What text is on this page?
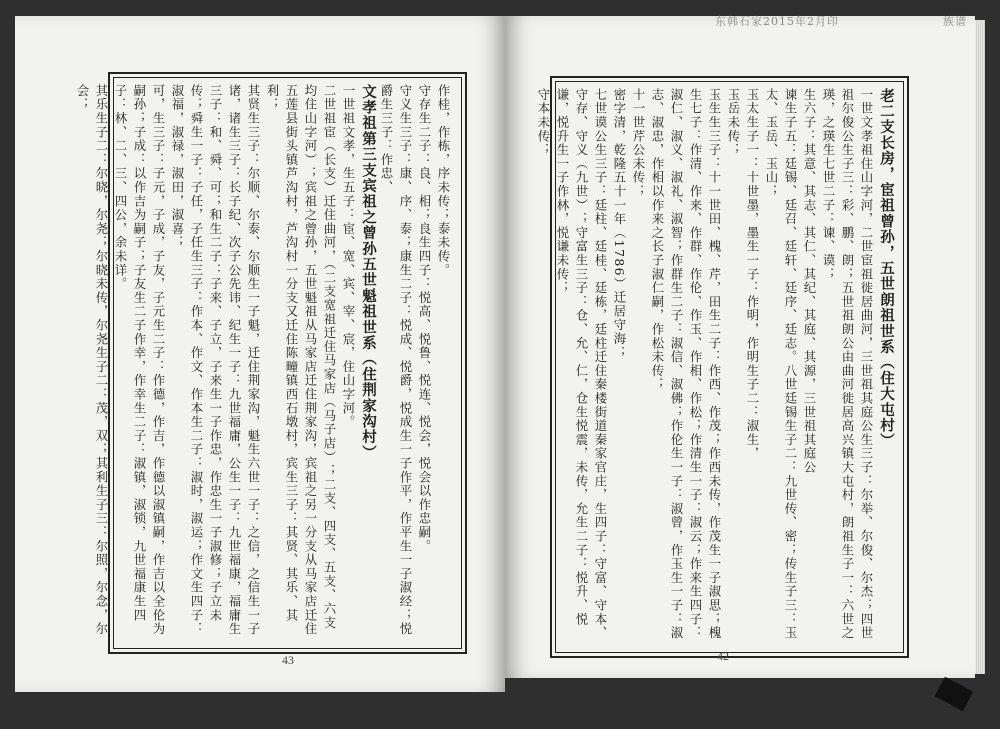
作桂，作栋，序未传；泰未传。

守存生二子：良、相；良生四子：悦高、悦鲁、悦连、悦会，悦会以作忠嗣。

守义生三子：康、序、泰；康生二子：悦成、悦爵，悦成生一子作平，作平生一子淑经；悦爵生三子：作忠、

文孝祖第三支宾祖之曾孙五世魁祖世系（住荆家沟村）

一世祖文孝，生五子：宦、宽、宾、宰、宸，住山字河。

二世祖宦（长支）迁住曲河，（二支宽祖迁住马家店（马子店）；二支、四支、五支、六支均住山字河）；宾祖之曾孙，五世魁祖从马家店迁住荆家沟，宾祖之另一分支从马家店迁住五莲县街头镇芦沟村，芦沟村一分支又迁住陈疃镇西石墩村，宾生三子：其贤、其乐、其利；

其贤生三子：尔顺、尔泰、尔顺生一子魁，迁住荆家沟，魁生六世一子：之信，之信生一子诸，诸生三子：长子纪、次子公先讳、纪生一子：九世福庸，公生一子：九世福康，福庸生三子：和、舜、可；和生二子：子来、子立，子来生一子作忠，作忠生一子淑修；子立未传；舜生一子：子任，子任生三子：作本、作文、作本生二子：淑时，淑运；作文生四子：淑福，淑禄，淑田，淑喜；

可，生三子：子元，子成，子友，子元生二子：作德，作吉，作德以淑镇嗣，作吉以全伦为嗣孙；子成：以作吉为嗣子；子友生二子作幸，作幸生二子：淑镇，淑锁，九世福康生四子：林、二、三、四公，余未详。

其乐生子二：尔晓，尔尧；尔晓未传，尔尧生子二：茂，双；其利生子三：尔照，尔念，尔会；

43
东韩石家2015年2月印	族谱

老二支长房，宦祖曾孙，五世朗祖世系（住大屯村）

一世文孝祖住山字河，二世宦祖徙居曲河，三世祖其庭公生三子：尔举、尔俊、尔杰；四世祖尔俊公生子三：彩、鹏、朗；五世祖朗公由曲河徙居高兴镇大屯村，朗祖生子一：六世之瑛，之瑛生七世二子：谏、谟；

生六子：其意、其志、其仁、其纪、其庭、其源，三世祖其庭公

谏生子五：廷锡、廷召、廷轩、廷序、廷志。八世廷锡生子二：九世传、密；传生子三：玉太、玉岳、玉山；

玉太生子一：十世墨，墨生一子：作明，作明生子二：淑生，

玉岳未传；

玉生生三子：十一世田、槐、芹，田生二子：作西、作茂；作西未传，作茂生一子淑思；槐生七子：作清、作来、作群、作伦、作玉、作相、作松；作清生一子：淑云；作来生四子：淑仁、淑义、淑礼、淑智；作群生二子：淑信、淑佛；作伦生一子：淑曾，作玉生一子：淑志、淑忠，作相以作来之长子淑仁嗣，作松未传；

十一世芹公未传；

密字清，乾隆五十一年（1786）迁居守海；

七世谟公生三子：廷柱、廷桂、廷栋，廷柱迁住秦楼街道秦家官庄，生四子：守富、守本、守存、守义（九世）；守富生三子：仓、允、仁，仓生悦震，未传，允生二子：悦升、悦谦，悦升生一子作林，悦谦未传；

守本未传；

42
